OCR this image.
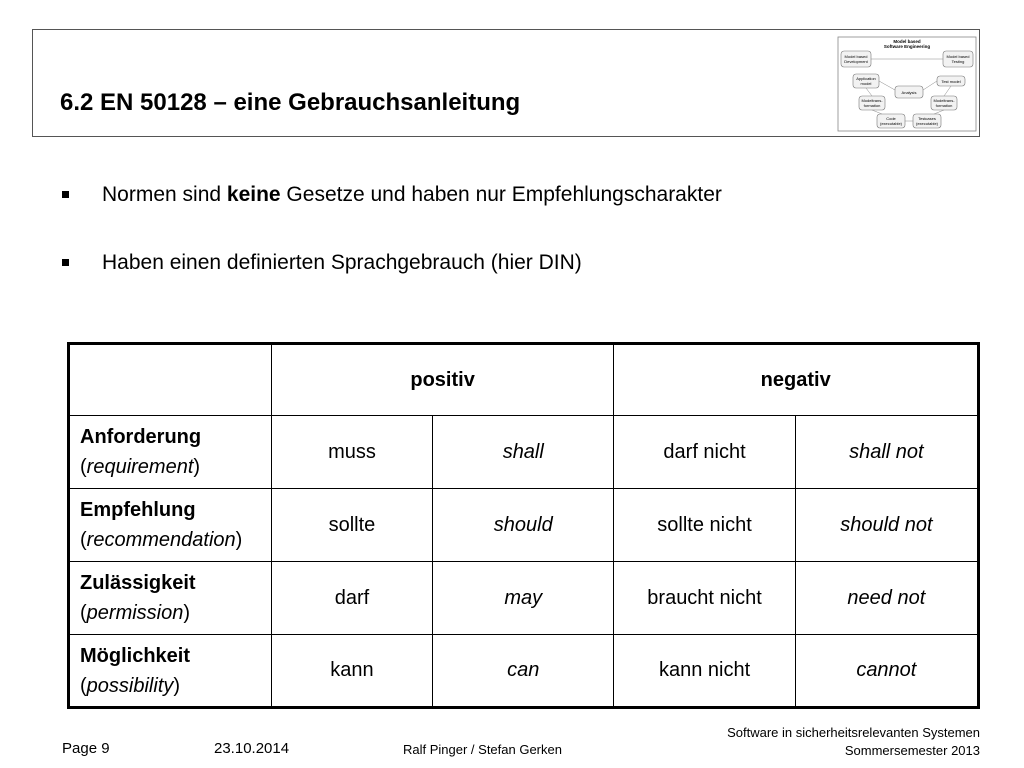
6.2 EN 50128 – eine Gebrauchsanleitung
Model based
Software Engineering
Model based
Development
Model based
Testing
Application
model	Test model
Analysis
Modeltrans-
formation
Modeltrans-
formation
Code
(executable)
Testcases
(executable)
Normen sind keine Gesetze und haben nur Empfehlungscharakter
Haben einen definierten Sprachgebrauch (hier DIN)
	positiv		negativ	
Anforderung
(requirement)	muss	shall	darf nicht	shall not
Empfehlung
(recommendation)	sollte	should	sollte nicht	should not
Zulässigkeit
(permission)	darf	may	braucht nicht	need not
Möglichkeit
(possibility)	kann	can	kann nicht	cannot
Page 9	23.10.2014	Ralf Pinger / Stefan Gerken
Software in sicherheitsrelevanten Systemen
Sommersemester 2013
